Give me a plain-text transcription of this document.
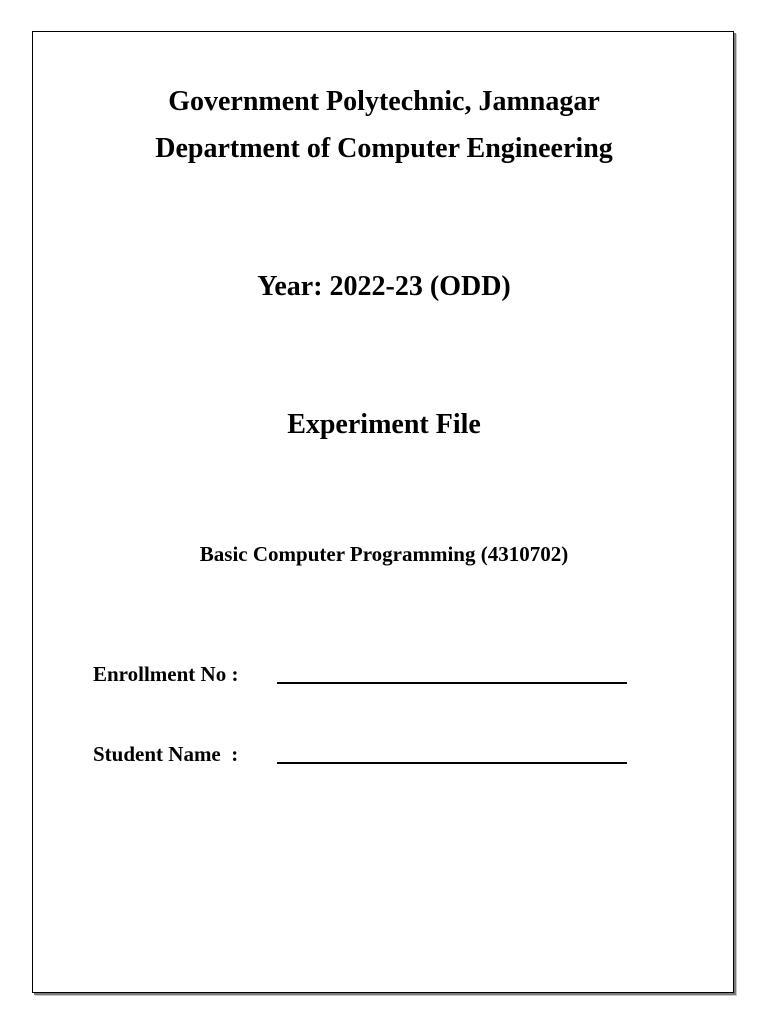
Government Polytechnic, Jamnagar
Department of Computer Engineering
Year: 2022-23 (ODD)
Experiment File
Basic Computer Programming (4310702)
Enrollment No :
Student Name  :
